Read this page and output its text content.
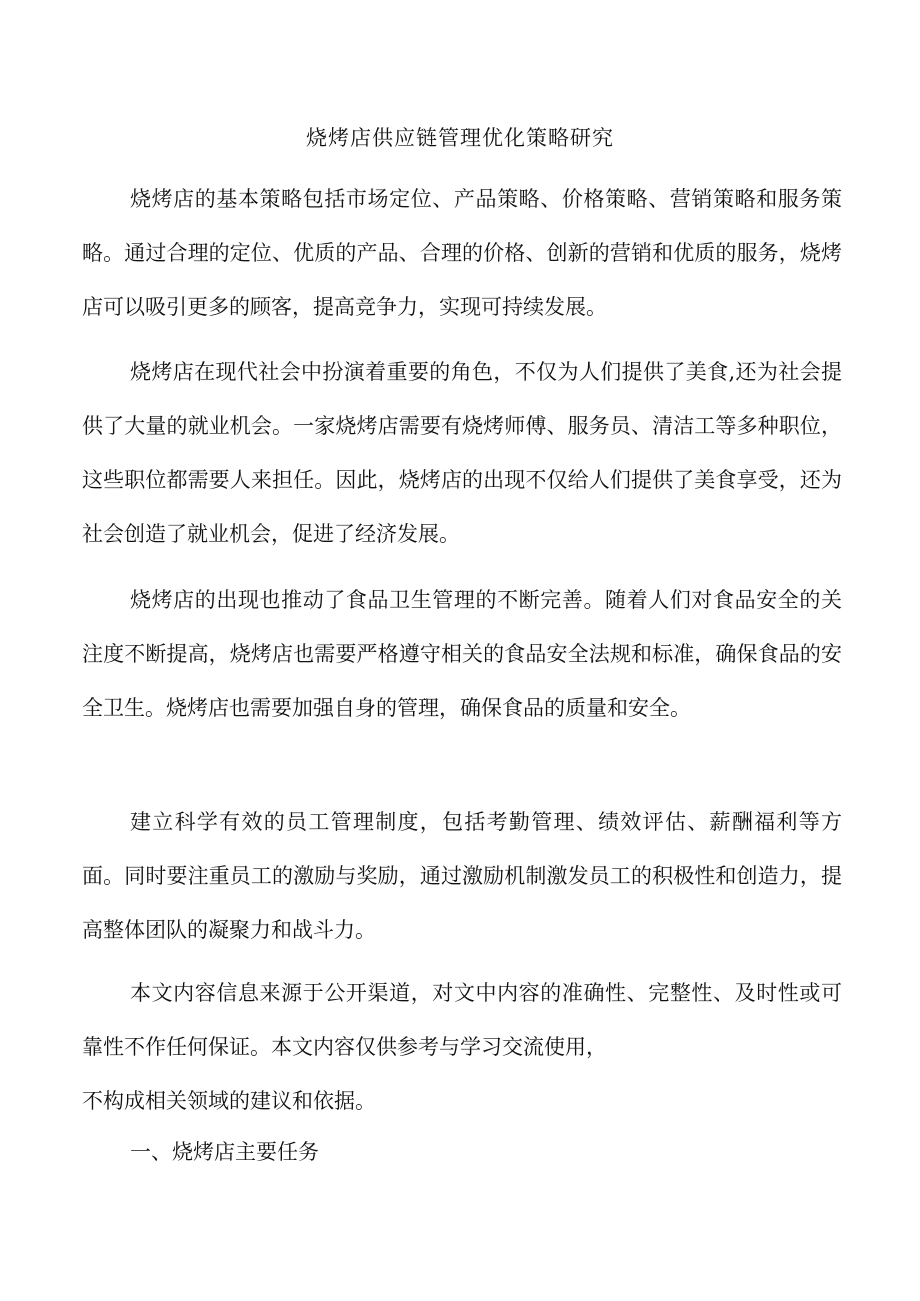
烧烤店供应链管理优化策略研究

烧烤店的基本策略包括市场定位、产品策略、价格策略、营销策略和服务策略。通过合理的定位、优质的产品、合理的价格、创新的营销和优质的服务，烧烤店可以吸引更多的顾客，提高竞争力，实现可持续发展。

烧烤店在现代社会中扮演着重要的角色，不仅为人们提供了美食,还为社会提供了大量的就业机会。一家烧烤店需要有烧烤师傅、服务员、清洁工等多种职位，这些职位都需要人来担任。因此，烧烤店的出现不仅给人们提供了美食享受，还为社会创造了就业机会，促进了经济发展。

烧烤店的出现也推动了食品卫生管理的不断完善。随着人们对食品安全的关注度不断提高，烧烤店也需要严格遵守相关的食品安全法规和标准，确保食品的安全卫生。烧烤店也需要加强自身的管理，确保食品的质量和安全。

建立科学有效的员工管理制度，包括考勤管理、绩效评估、薪酬福利等方面。同时要注重员工的激励与奖励，通过激励机制激发员工的积极性和创造力，提高整体团队的凝聚力和战斗力。

本文内容信息来源于公开渠道，对文中内容的准确性、完整性、及时性或可靠性不作任何保证。本文内容仅供参考与学习交流使用，
不构成相关领域的建议和依据。

一、烧烤店主要任务
